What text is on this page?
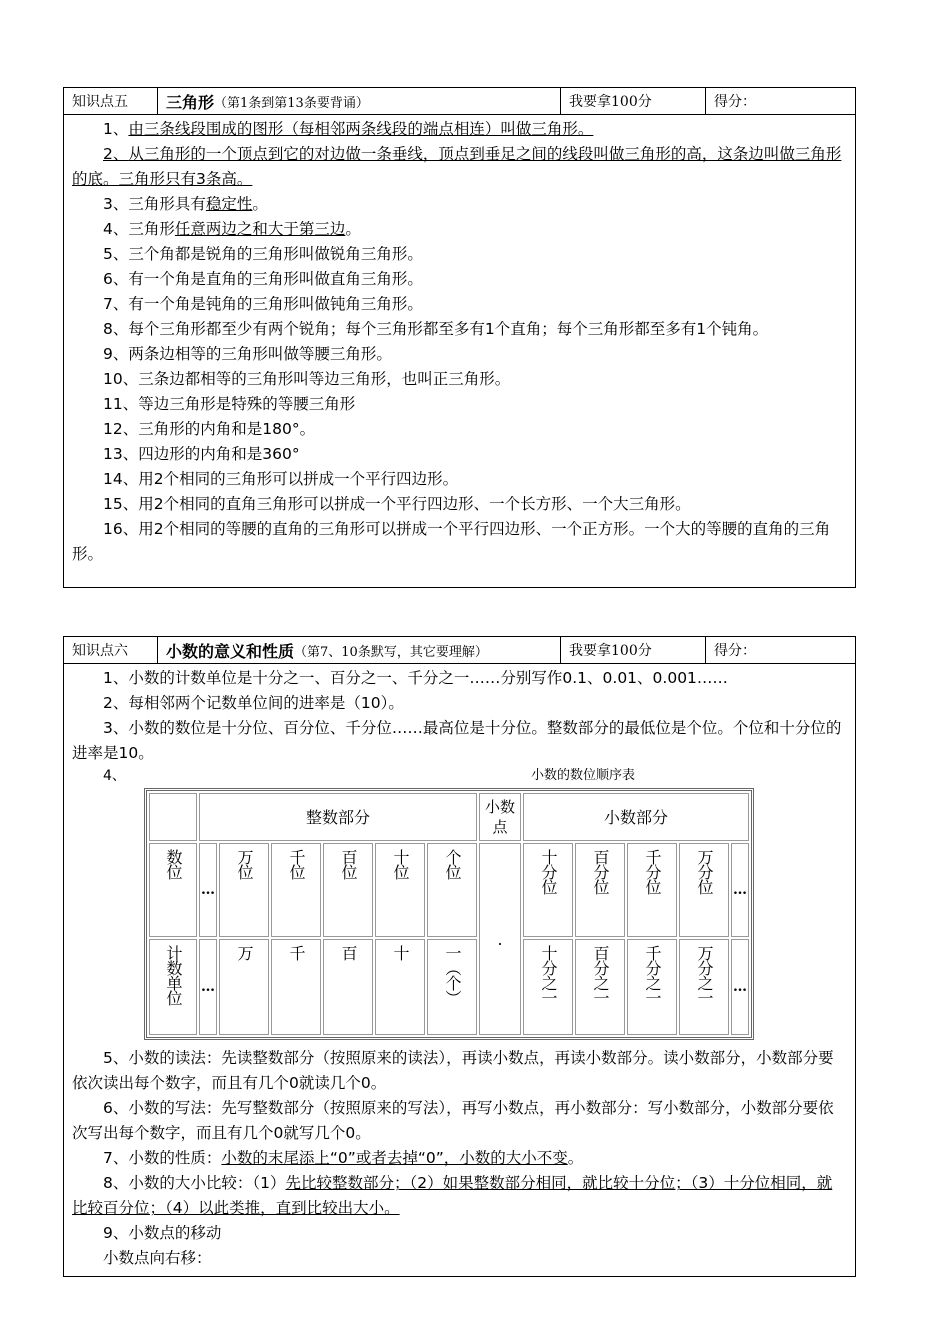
知识点五	三角形 （第1条到第13条要背诵）	我要拿100分	得分：

1、由三条线段围成的图形（每相邻两条线段的端点相连）叫做三角形。

2、从三角形的一个顶点到它的对边做一条垂线，顶点到垂足之间的线段叫做三角形的高，这条边叫做三角形的底。三角形只有3条高。

3、三角形具有稳定性。

4、三角形任意两边之和大于第三边。

5、三个角都是锐角的三角形叫做锐角三角形。

6、有一个角是直角的三角形叫做直角三角形。

7、有一个角是钝角的三角形叫做钝角三角形。

8、每个三角形都至少有两个锐角；每个三角形都至多有1个直角；每个三角形都至多有1个钝角。

9、两条边相等的三角形叫做等腰三角形。

10、三条边都相等的三角形叫等边三角形，也叫正三角形。

11、等边三角形是特殊的等腰三角形

12、三角形的内角和是180°。

13、四边形的内角和是360°

14、用2个相同的三角形可以拼成一个平行四边形。

15、用2个相同的直角三角形可以拼成一个平行四边形、一个长方形、一个大三角形。

16、用2个相同的等腰的直角的三角形可以拼成一个平行四边形、一个正方形。一个大的等腰的直角的三角形。

知识点六	小数的意义和性质 （第7、10条默写，其它要理解）	我要拿100分	得分：

1、小数的计数单位是十分之一、百分之一、千分之一……分别写作0.1、0.01、0.001……

2、每相邻两个记数单位间的进率是（10）。

3、小数的数位是十分位、百分位、千分位……最高位是十分位。整数部分的最低位是个位。个位和十分位的进率是10。

4、	小数的数位顺序表
	整数部分						小数点	小数部分				
数位	…	万位	千位	百位	十位	个位	.	十分位	百分位	千分位	万分位	…
计数单位	…	万	千	百	十	一（个）		十分之一	百分之一	千分之一	万分之一	…

5、小数的读法：先读整数部分（按照原来的读法），再读小数点，再读小数部分。读小数部分，小数部分要依次读出每个数字，而且有几个0就读几个0。

6、小数的写法：先写整数部分（按照原来的写法），再写小数点，再小数部分：写小数部分，小数部分要依次写出每个数字，而且有几个0就写几个0。

7、小数的性质：小数的末尾添上“0”或者去掉“0”，小数的大小不变。

8、小数的大小比较：（1）先比较整数部分；（2）如果整数部分相同，就比较十分位；（3）十分位相同，就比较百分位；（4）以此类推，直到比较出大小。

9、小数点的移动

小数点向右移：
